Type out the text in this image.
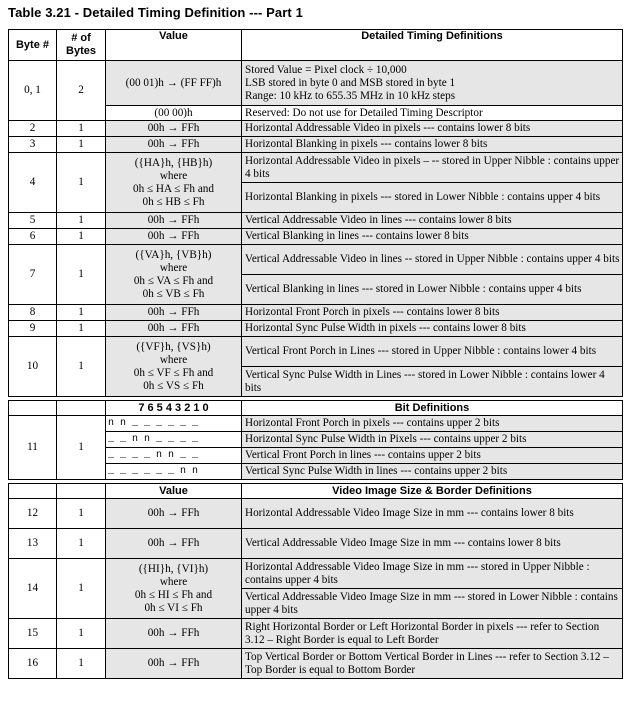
Table 3.21 - Detailed Timing Definition --- Part 1
Byte #	# of Bytes	Value	Detailed Timing Definitions
0, 1	2	(00 01)h → (FF FF)h	Stored Value = Pixel clock ÷ 10,000
LSB stored in byte 0 and MSB stored in byte 1
Range: 10 kHz to 655.35 MHz in 10 kHz steps

		(00 00)h	Reserved: Do not use for Detailed Timing Descriptor
2	1	00h → FFh	Horizontal Addressable Video in pixels --- contains lower 8 bits
3	1	00h → FFh	Horizontal Blanking in pixels --- contains lower 8 bits
4	1	({HA}h, {HB}h)
where
0h ≤ HA ≤ Fh and
0h ≤ HB ≤ Fh	Horizontal Addressable Video in pixels – -- stored in Upper Nibble : contains upper 4 bits
			Horizontal Blanking in pixels --- stored in Lower Nibble : contains upper 4 bits
5	1	00h → FFh	Vertical Addressable Video in lines --- contains lower 8 bits
6	1	00h → FFh	Vertical Blanking in lines --- contains lower 8 bits
7	1	({VA}h, {VB}h)
where
0h ≤ VA ≤ Fh and
0h ≤ VB ≤ Fh	Vertical Addressable Video in lines -- stored in Upper Nibble : contains upper 4 bits
			Vertical Blanking in lines --- stored in Lower Nibble : contains upper 4 bits
8	1	00h → FFh	Horizontal Front Porch in pixels --- contains lower 8 bits
9	1	00h → FFh	Horizontal Sync Pulse Width in pixels --- contains lower 8 bits
10	1	({VF}h, {VS}h)
where
0h ≤ VF ≤ Fh and
0h ≤ VS ≤ Fh	Vertical Front Porch in Lines --- stored in Upper Nibble : contains lower 4 bits
			Vertical Sync Pulse Width in Lines --- stored in Lower Nibble : contains lower 4 bits

		7 6 5 4 3 2 1 0	Bit Definitions
11	1	n n _ _ _ _ _ _	Horizontal Front Porch in pixels --- contains upper 2 bits
		_ _ n n _ _ _ _	Horizontal Sync Pulse Width in Pixels --- contains upper 2 bits
		_ _ _ _ n n _ _	Vertical Front Porch in lines --- contains upper 2 bits
		_ _ _ _ _ _ n n	Vertical Sync Pulse Width in lines --- contains upper 2 bits

		Value	Video Image Size & Border Definitions
12	1	00h → FFh	Horizontal Addressable Video Image Size in mm --- contains lower 8 bits
13	1	00h → FFh	Vertical Addressable Video Image Size in mm --- contains lower 8 bits
14	1	({HI}h, {VI}h)
where
0h ≤ HI ≤ Fh and
0h ≤ VI ≤ Fh	Horizontal Addressable Video Image Size in mm --- stored in Upper Nibble : contains upper 4 bits
			Vertical Addressable Video Image Size in mm --- stored in Lower Nibble : contains upper 4 bits
15	1	00h → FFh	Right Horizontal Border or Left Horizontal Border in pixels --- refer to Section 3.12 – Right Border is equal to Left Border
16	1	00h → FFh	Top Vertical Border or Bottom Vertical Border in Lines --- refer to Section 3.12 – Top Border is equal to Bottom Border
